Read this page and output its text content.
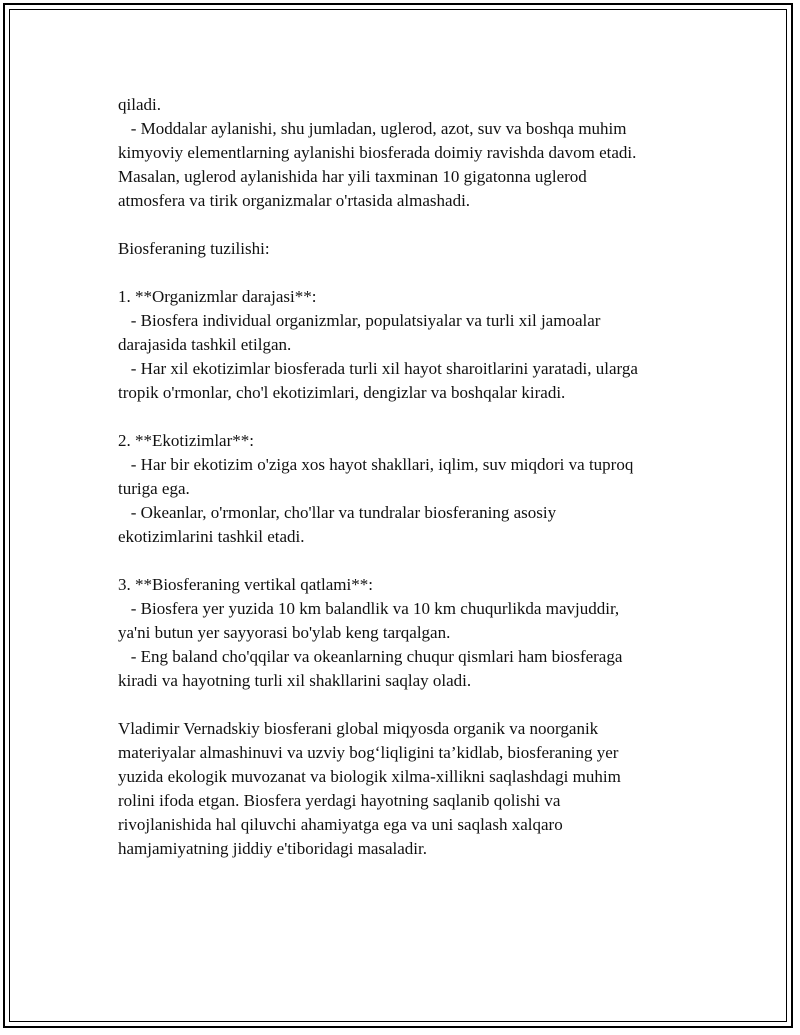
qiladi.
- Moddalar aylanishi, shu jumladan, uglerod, azot, suv va boshqa muhim
kimyoviy elementlarning aylanishi biosferada doimiy ravishda davom etadi.
Masalan, uglerod aylanishida har yili taxminan 10 gigatonna uglerod
atmosfera va tirik organizmalar o'rtasida almashadi.
Biosferaning tuzilishi:
1. **Organizmlar darajasi**:
- Biosfera individual organizmlar, populatsiyalar va turli xil jamoalar
darajasida tashkil etilgan.
- Har xil ekotizimlar biosferada turli xil hayot sharoitlarini yaratadi, ularga
tropik o'rmonlar, cho'l ekotizimlari, dengizlar va boshqalar kiradi.
2. **Ekotizimlar**:
- Har bir ekotizim o'ziga xos hayot shakllari, iqlim, suv miqdori va tuproq
turiga ega.
- Okeanlar, o'rmonlar, cho'llar va tundralar biosferaning asosiy
ekotizimlarini tashkil etadi.
3. **Biosferaning vertikal qatlami**:
- Biosfera yer yuzida 10 km balandlik va 10 km chuqurlikda mavjuddir,
ya'ni butun yer sayyorasi bo'ylab keng tarqalgan.
- Eng baland cho'qqilar va okeanlarning chuqur qismlari ham biosferaga
kiradi va hayotning turli xil shakllarini saqlay oladi.
Vladimir Vernadskiy biosferani global miqyosda organik va noorganik
materiyalar almashinuvi va uzviy bog‘liqligini ta’kidlab, biosferaning yer
yuzida ekologik muvozanat va biologik xilma-xillikni saqlashdagi muhim
rolini ifoda etgan. Biosfera yerdagi hayotning saqlanib qolishi va
rivojlanishida hal qiluvchi ahamiyatga ega va uni saqlash xalqaro
hamjamiyatning jiddiy e'tiboridagi masaladir.
